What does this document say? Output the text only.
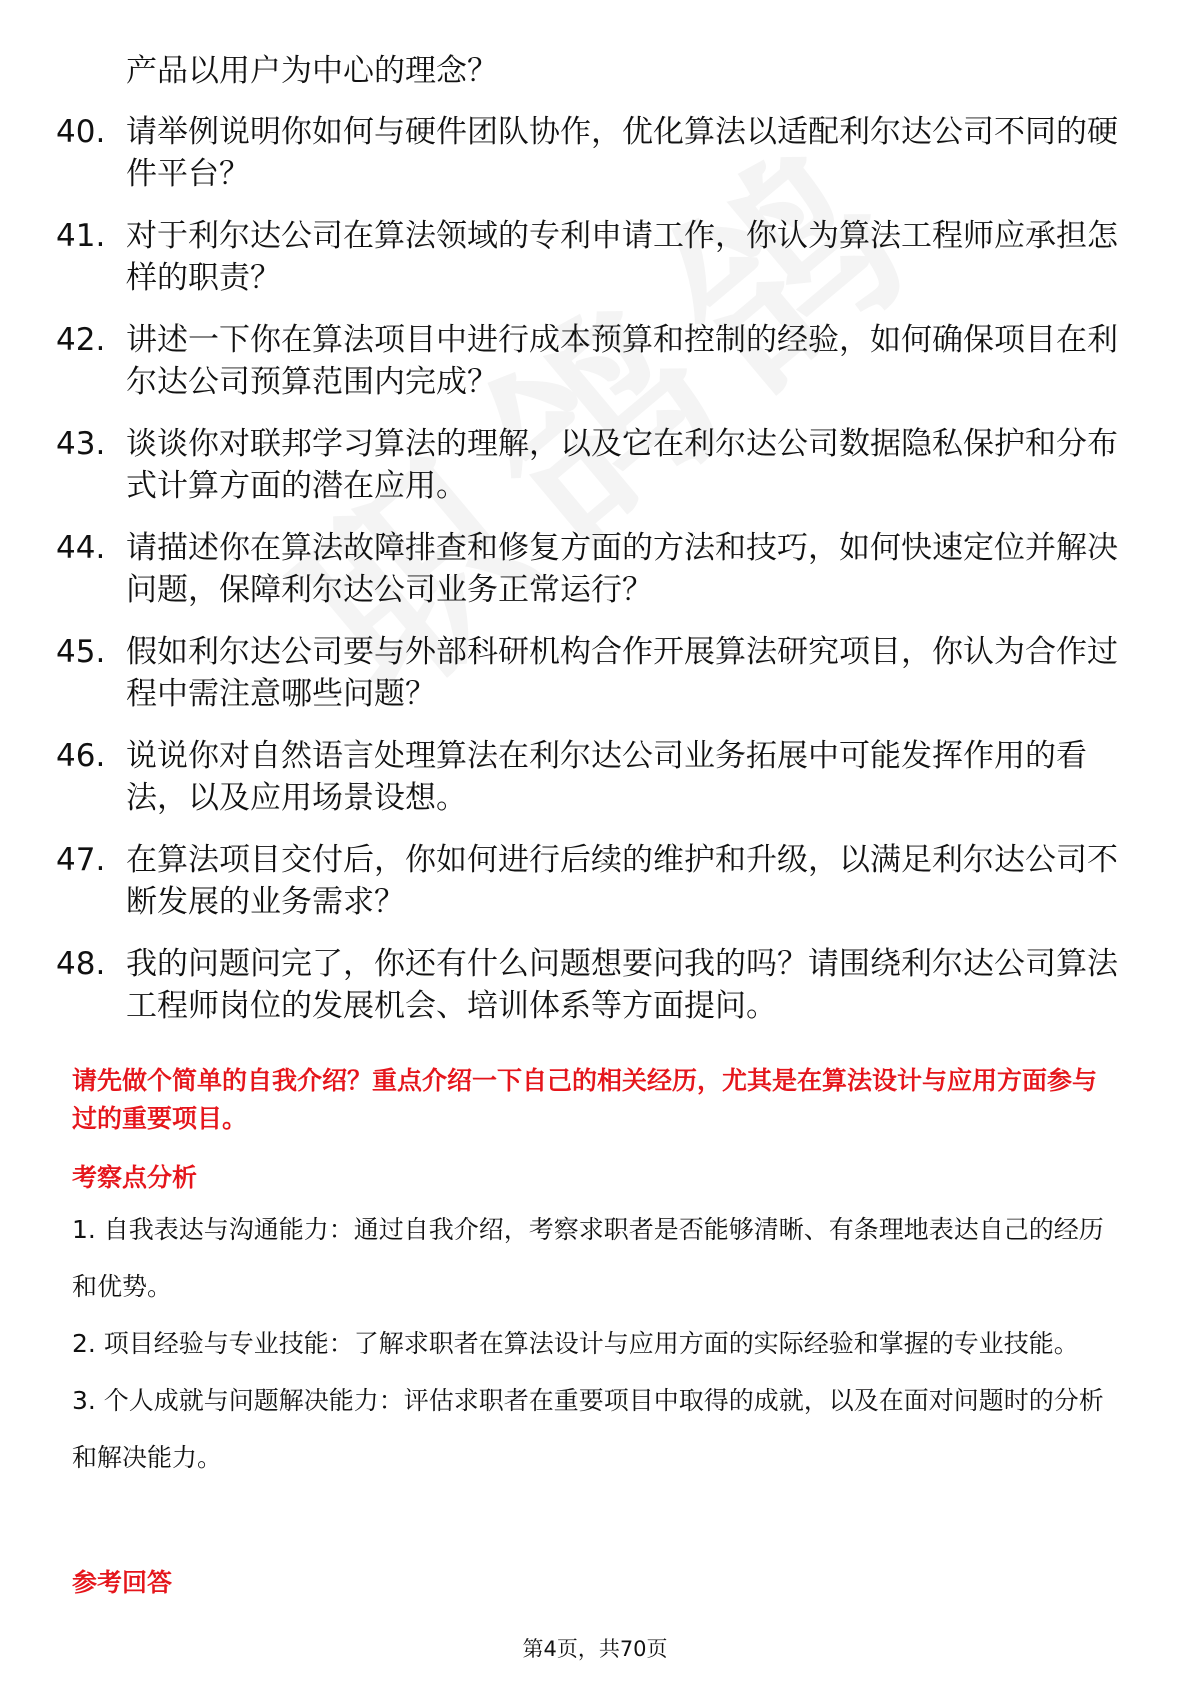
产品以用户为中心的理念？
40. 请举例说明你如何与硬件团队协作，优化算法以适配利尔达公司不同的硬件平台？
41. 对于利尔达公司在算法领域的专利申请工作，你认为算法工程师应承担怎样的职责？
42. 讲述一下你在算法项目中进行成本预算和控制的经验，如何确保项目在利尔达公司预算范围内完成？
43. 谈谈你对联邦学习算法的理解，以及它在利尔达公司数据隐私保护和分布式计算方面的潜在应用。
44. 请描述你在算法故障排查和修复方面的方法和技巧，如何快速定位并解决问题，保障利尔达公司业务正常运行？
45. 假如利尔达公司要与外部科研机构合作开展算法研究项目，你认为合作过程中需注意哪些问题？
46. 说说你对自然语言处理算法在利尔达公司业务拓展中可能发挥作用的看法，以及应用场景设想。
47. 在算法项目交付后，你如何进行后续的维护和升级，以满足利尔达公司不断发展的业务需求？
48. 我的问题问完了，你还有什么问题想要问我的吗？请围绕利尔达公司算法工程师岗位的发展机会、培训体系等方面提问。
请先做个简单的自我介绍？重点介绍一下自己的相关经历，尤其是在算法设计与应用方面参与过的重要项目。
考察点分析
1. 自我表达与沟通能力：通过自我介绍，考察求职者是否能够清晰、有条理地表达自己的经历和优势。
2. 项目经验与专业技能：了解求职者在算法设计与应用方面的实际经验和掌握的专业技能。
3. 个人成就与问题解决能力：评估求职者在重要项目中取得的成就，以及在面对问题时的分析和解决能力。
参考回答
第4页，共70页
